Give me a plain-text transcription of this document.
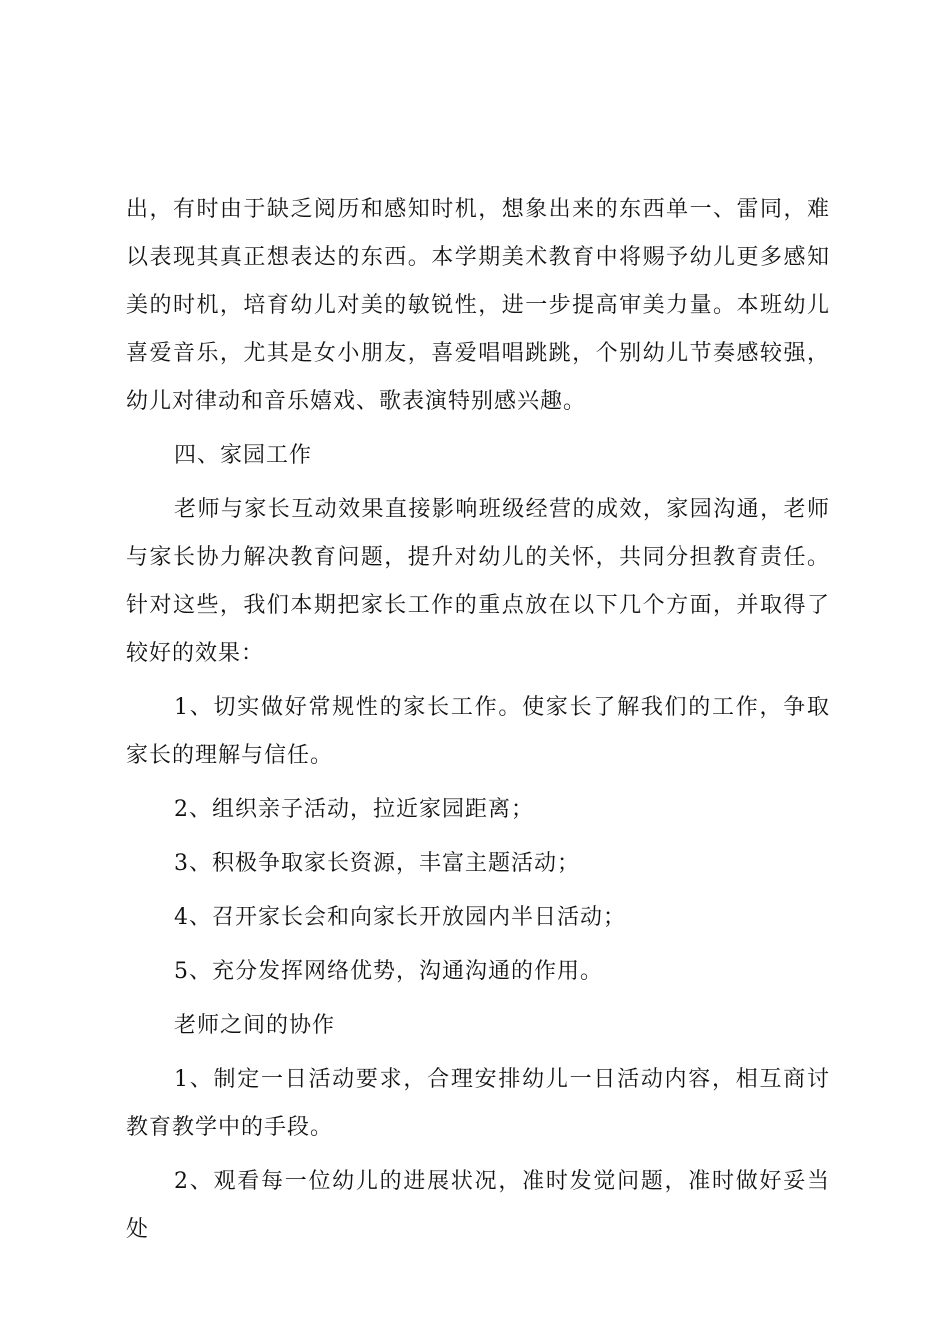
出，有时由于缺乏阅历和感知时机，想象出来的东西单一、雷同，难以表现其真正想表达的东西。本学期美术教育中将赐予幼儿更多感知美的时机，培育幼儿对美的敏锐性，进一步提高审美力量。本班幼儿喜爱音乐，尤其是女小朋友，喜爱唱唱跳跳，个别幼儿节奏感较强，幼儿对律动和音乐嬉戏、歌表演特别感兴趣。

四、家园工作

老师与家长互动效果直接影响班级经营的成效，家园沟通，老师与家长协力解决教育问题，提升对幼儿的关怀，共同分担教育责任。针对这些，我们本期把家长工作的重点放在以下几个方面，并取得了较好的效果：

1、切实做好常规性的家长工作。使家长了解我们的工作，争取家长的理解与信任。

2、组织亲子活动，拉近家园距离；

3、积极争取家长资源，丰富主题活动；

4、召开家长会和向家长开放园内半日活动；

5、充分发挥网络优势，沟通沟通的作用。

老师之间的协作

1、制定一日活动要求，合理安排幼儿一日活动内容，相互商讨教育教学中的手段。

2、观看每一位幼儿的进展状况，准时发觉问题，准时做好妥当处
